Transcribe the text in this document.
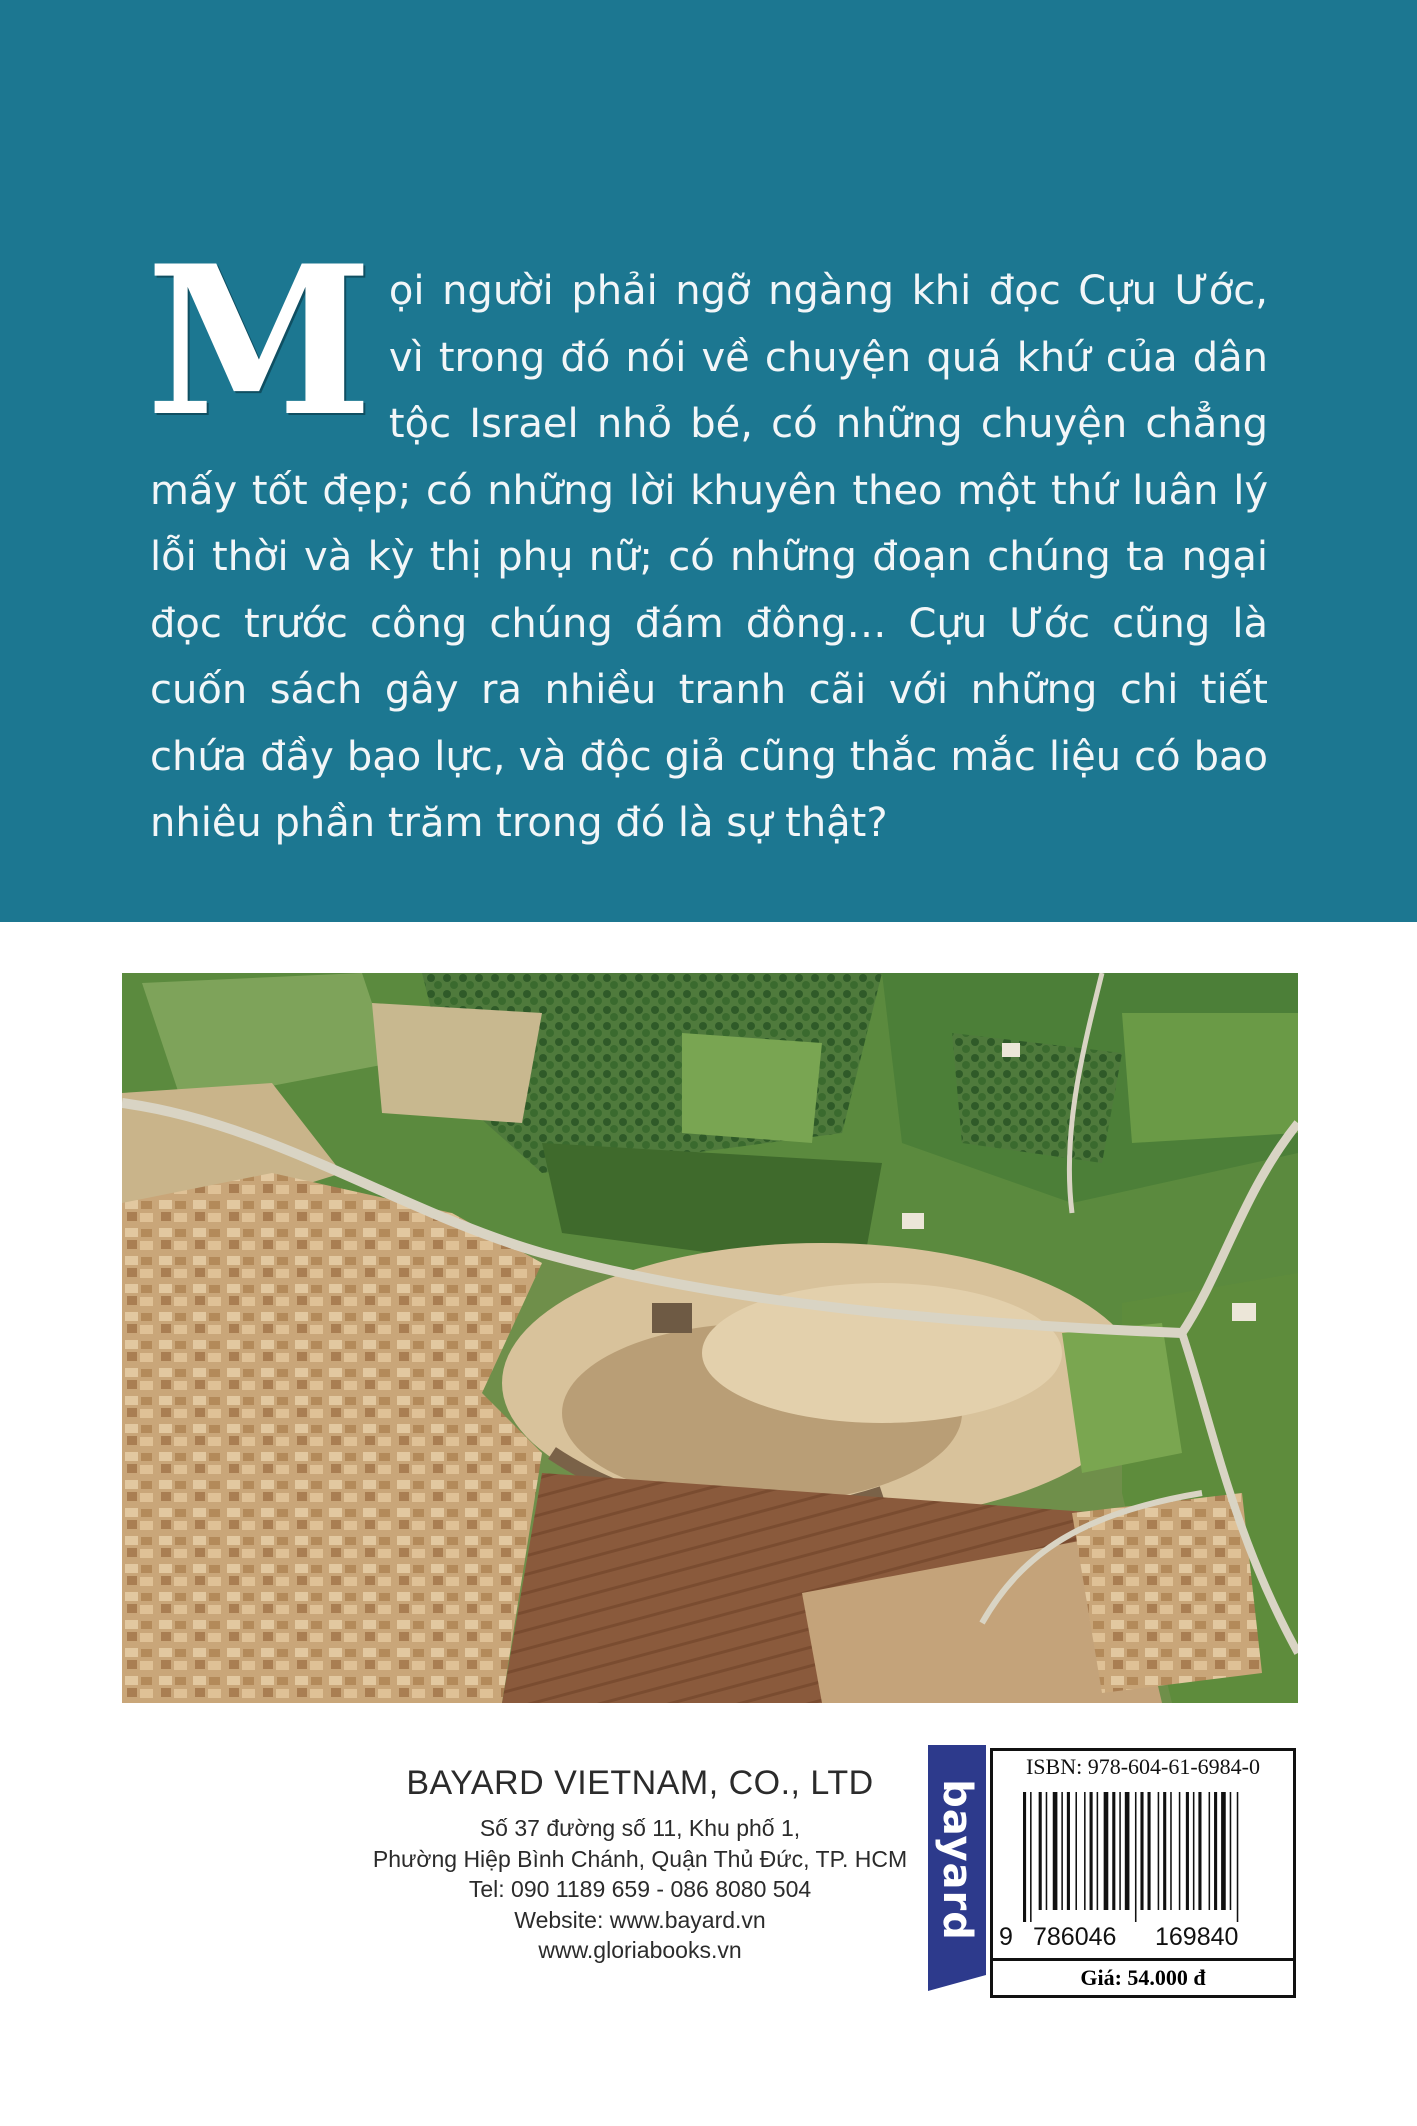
Mọi người phải ngỡ ngàng khi đọc Cựu Ước, vì trong đó nói về chuyện quá khứ của dân tộc Israel nhỏ bé, có những chuyện chẳng mấy tốt đẹp; có những lời khuyên theo một thứ luân lý lỗi thời và kỳ thị phụ nữ; có những đoạn chúng ta ngại đọc trước công chúng đám đông… Cựu Ước cũng là cuốn sách gây ra nhiều tranh cãi với những chi tiết chứa đầy bạo lực, và độc giả cũng thắc mắc liệu có bao nhiêu phần trăm trong đó là sự thật?
BAYARD VIETNAM, CO., LTD
Số 37 đường số 11, Khu phố 1,
Phường Hiệp Bình Chánh, Quận Thủ Đức, TP. HCM
Tel: 090 1189 659 - 086 8080 504
Website: www.bayard.vn
www.gloriabooks.vn
bayard
ISBN: 978-604-61-6984-0
9 786046 169840
Giá: 54.000 đ
